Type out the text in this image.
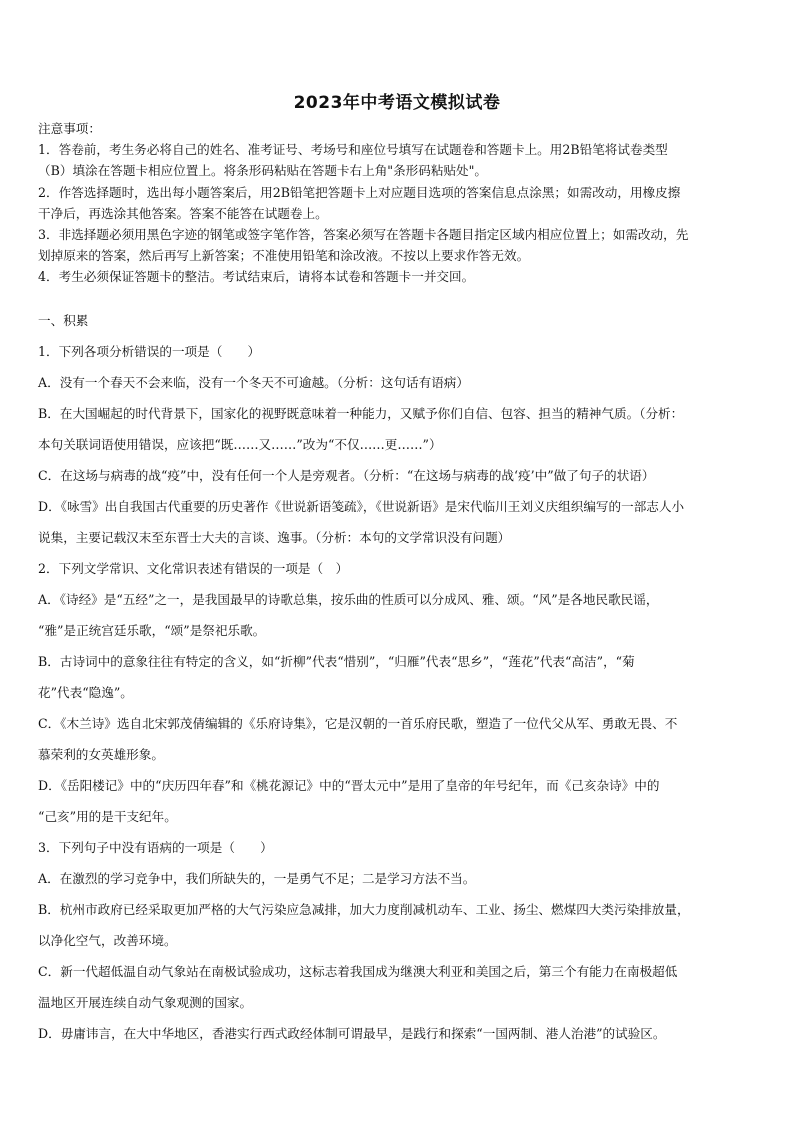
2023年中考语文模拟试卷

注意事项：

1．答卷前，考生务必将自己的姓名、准考证号、考场号和座位号填写在试题卷和答题卡上。用2B铅笔将试卷类型

（B）填涂在答题卡相应位置上。将条形码粘贴在答题卡右上角"条形码粘贴处"。

2．作答选择题时，选出每小题答案后，用2B铅笔把答题卡上对应题目选项的答案信息点涂黑；如需改动，用橡皮擦

干净后，再选涂其他答案。答案不能答在试题卷上。

3．非选择题必须用黑色字迹的钢笔或签字笔作答，答案必须写在答题卡各题目指定区域内相应位置上；如需改动，先

划掉原来的答案，然后再写上新答案；不准使用铅笔和涂改液。不按以上要求作答无效。

4．考生必须保证答题卡的整洁。考试结束后，请将本试卷和答题卡一并交回。

一、积累

1．下列各项分析错误的一项是（　　）

A．没有一个春天不会来临，没有一个冬天不可逾越。（分析：这句话有语病）

B．在大国崛起的时代背景下，国家化的视野既意味着一种能力，又赋予你们自信、包容、担当的精神气质。（分析：

本句关联词语使用错误，应该把“既……又……”改为“不仅……更……”）

C．在这场与病毒的战“疫”中，没有任何一个人是旁观者。（分析：“在这场与病毒的战‘疫’中”做了句子的状语）

D．《咏雪》出自我国古代重要的历史著作《世说新语笺疏》，《世说新语》是宋代临川王刘义庆组织编写的一部志人小

说集，主要记载汉末至东晋士大夫的言谈、逸事。（分析：本句的文学常识没有问题）

2．下列文学常识、文化常识表述有错误的一项是（　）

A．《诗经》是“五经”之一，是我国最早的诗歌总集，按乐曲的性质可以分成风、雅、颂。“风”是各地民歌民谣，

“雅”是正统宫廷乐歌，“颂”是祭祀乐歌。

B．古诗词中的意象往往有特定的含义，如“折柳”代表“惜别”，“归雁”代表“思乡”，“莲花”代表“高洁”，“菊

花”代表“隐逸”。

C．《木兰诗》选自北宋郭茂倩编辑的《乐府诗集》，它是汉朝的一首乐府民歌，塑造了一位代父从军、勇敢无畏、不

慕荣利的女英雄形象。

D．《岳阳楼记》中的“庆历四年春”和《桃花源记》中的“晋太元中”是用了皇帝的年号纪年，而《己亥杂诗》中的

“己亥”用的是干支纪年。

3．下列句子中没有语病的一项是（　　）

A．在激烈的学习竞争中，我们所缺失的，一是勇气不足；二是学习方法不当。

B．杭州市政府已经采取更加严格的大气污染应急减排，加大力度削减机动车、工业、扬尘、燃煤四大类污染排放量，

以净化空气，改善环境。

C．新一代超低温自动气象站在南极试验成功，这标志着我国成为继澳大利亚和美国之后，第三个有能力在南极超低

温地区开展连续自动气象观测的国家。

D．毋庸讳言，在大中华地区，香港实行西式政经体制可谓最早，是践行和探索“一国两制、港人治港”的试验区。
